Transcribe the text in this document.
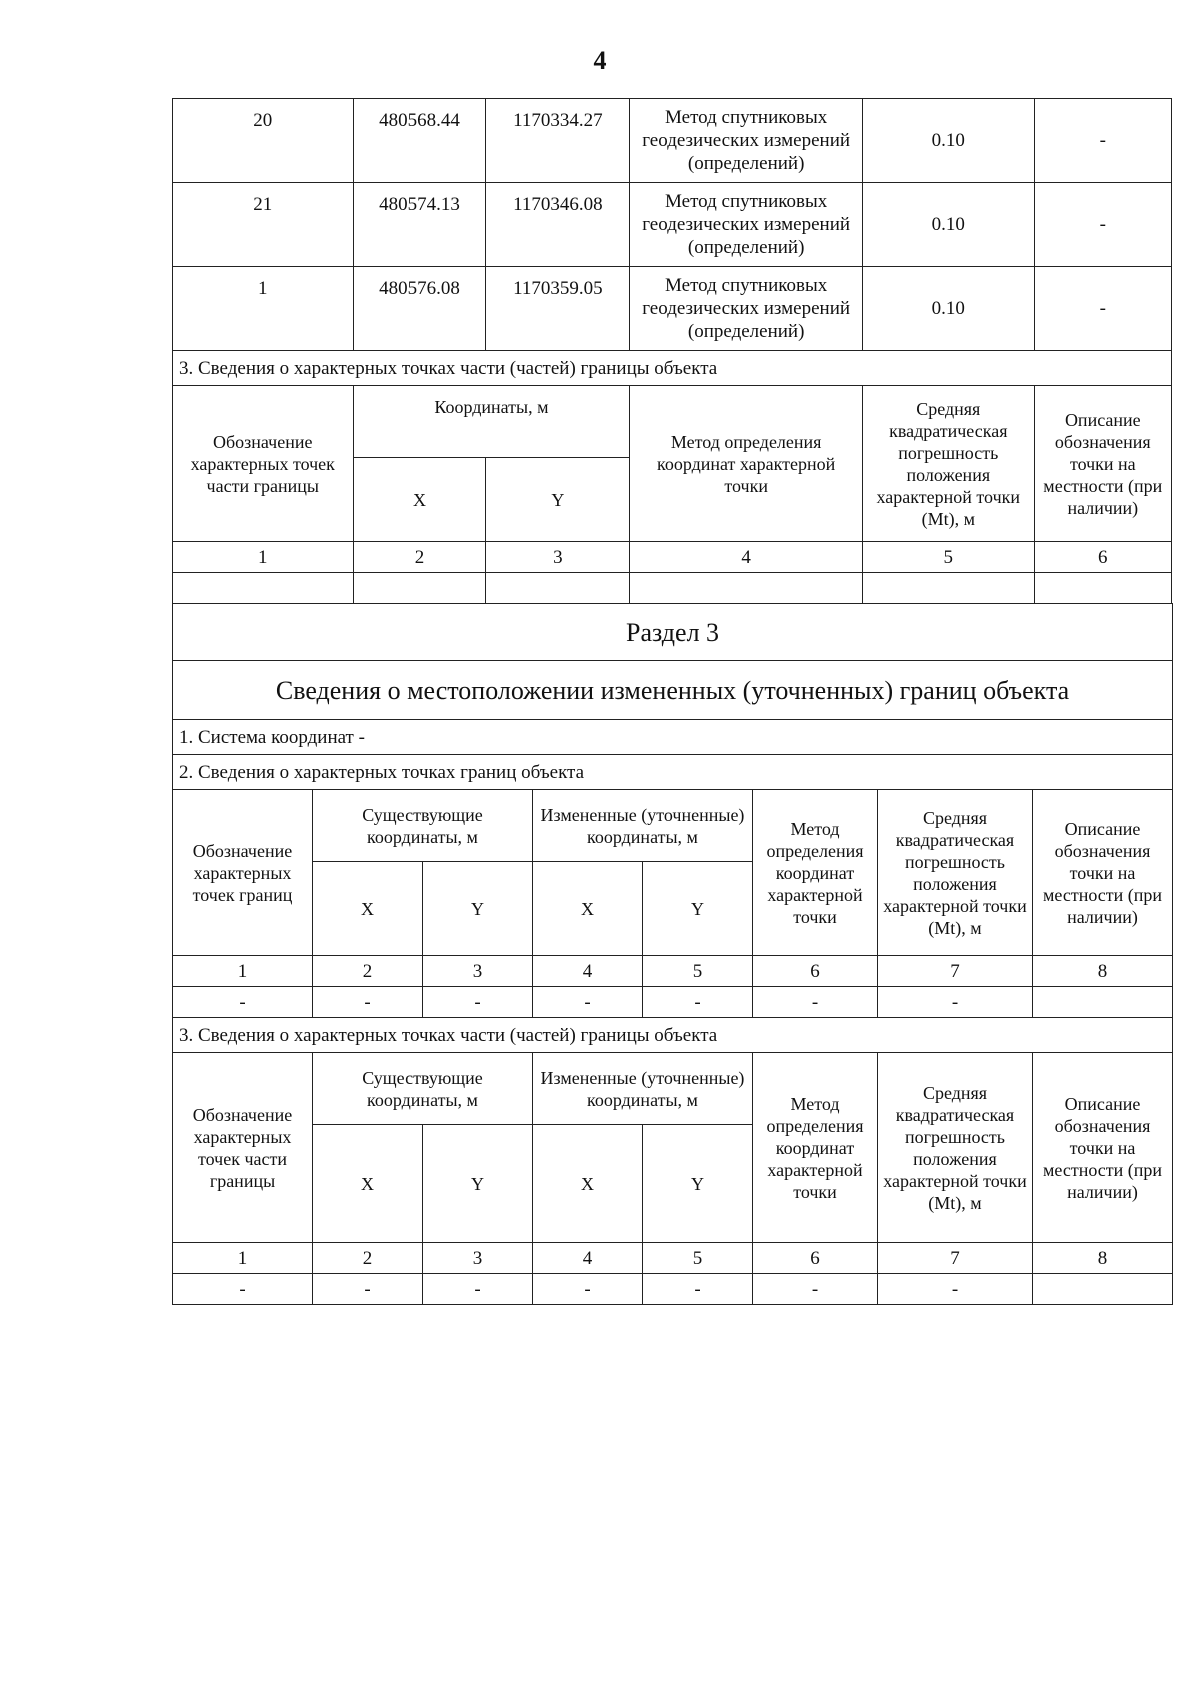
4
20	480568.44	1170334.27	Метод спутниковых геодезических измерений (определений)	0.10	-
21	480574.13	1170346.08	Метод спутниковых геодезических измерений (определений)	0.10	-
1	480576.08	1170359.05	Метод спутниковых геодезических измерений (определений)	0.10	-
3. Сведения о характерных точках части (частей) границы объекта					
Обозначение характерных точек части границы	Координаты, м		Метод определения координат характерной точки	Средняя квадратическая погрешность положения характерной точки (Mt), м	Описание обозначения точки на местности (при наличии)
	X	Y			
1	2	3	4	5	6

Раздел 3							
Сведения о местоположении измененных (уточненных) границ объекта							
1. Система координат -							
2. Сведения о характерных точках границ объекта							
Обозначение характерных точек границ	Существующие координаты, м		Измененные (уточненные) координаты, м		Метод определения координат характерной точки	Средняя квадратическая погрешность положения характерной точки (Mt), м	Описание обозначения точки на местности (при наличии)
	X	Y	X	Y			
1	2	3	4	5	6	7	8
-	-	-	-	-	-	-	
3. Сведения о характерных точках части (частей) границы объекта							
Обозначение характерных точек части границы	Существующие координаты, м		Измененные (уточненные) координаты, м		Метод определения координат характерной точки	Средняя квадратическая погрешность положения характерной точки (Mt), м	Описание обозначения точки на местности (при наличии)
	X	Y	X	Y			
1	2	3	4	5	6	7	8
-	-	-	-	-	-	-	
